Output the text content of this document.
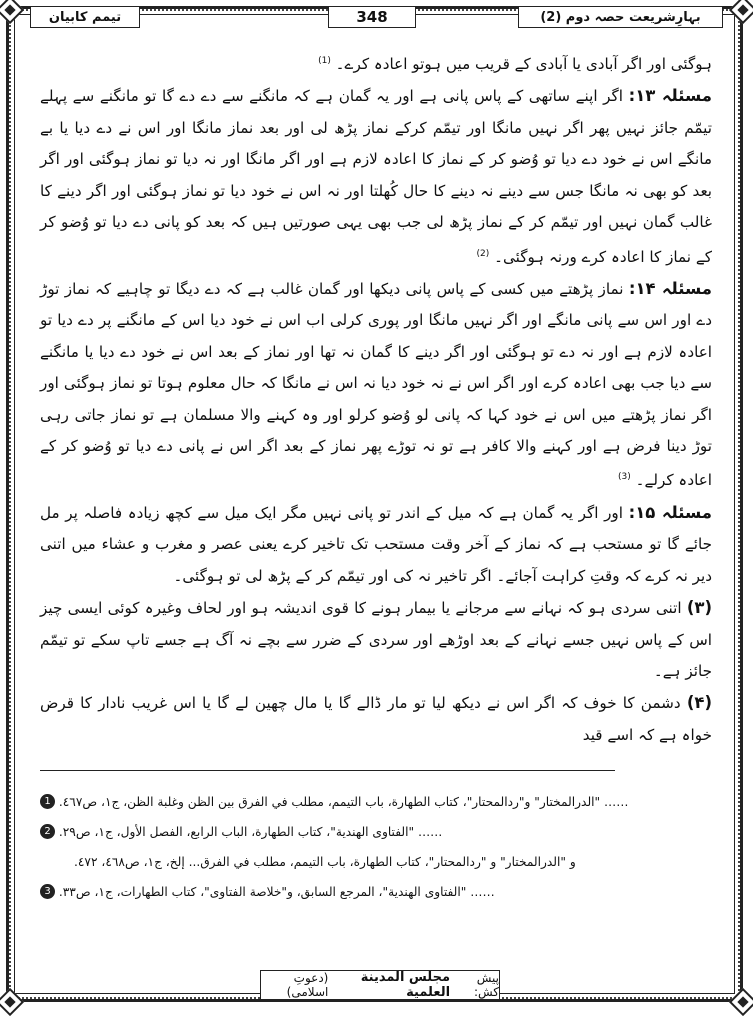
تیمم کابیان	348	بہارِشریعت حصہ دوم (2)

ہوگئی اور اگر آبادی یا آبادی کے قریب میں ہوتو اعادہ کرے۔ $^{(1)}$

مسئلہ ۱۳: اگر اپنے ساتھی کے پاس پانی ہے اور یہ گمان ہے کہ مانگنے سے دے دے گا تو مانگنے سے پہلے تیمّم جائز نہیں پھر اگر نہیں مانگا اور تیمّم کرکے نماز پڑھ لی اور بعد نماز مانگا اور اس نے دے دیا یا بے مانگے اس نے خود دے دیا تو وُضو کر کے نماز کا اعادہ لازم ہے اور اگر مانگا اور نہ دیا تو نماز ہوگئی اور اگر بعد کو بھی نہ مانگا جس سے دینے نہ دینے کا حال کُھلتا اور نہ اس نے خود دیا تو نماز ہوگئی اور اگر دینے کا غالب گمان نہیں اور تیمّم کر کے نماز پڑھ لی جب بھی یہی صورتیں ہیں کہ بعد کو پانی دے دیا تو وُضو کر کے نماز کا اعادہ کرے ورنہ ہوگئی۔ $^{(2)}$

مسئلہ ۱۴: نماز پڑھتے میں کسی کے پاس پانی دیکھا اور گمان غالب ہے کہ دے دیگا تو چاہیے کہ نماز توڑ دے اور اس سے پانی مانگے اور اگر نہیں مانگا اور پوری کرلی اب اس نے خود دیا اس کے مانگنے پر دے دیا تو اعادہ لازم ہے اور نہ دے تو ہوگئی اور اگر دینے کا گمان نہ تھا اور نماز کے بعد اس نے خود دے دیا یا مانگنے سے دیا جب بھی اعادہ کرے اور اگر اس نے نہ خود دیا نہ اس نے مانگا کہ حال معلوم ہوتا تو نماز ہوگئی اور اگر نماز پڑھتے میں اس نے خود کہا کہ پانی لو وُضو کرلو اور وہ کہنے والا مسلمان ہے تو نماز جاتی رہی توڑ دینا فرض ہے اور کہنے والا کافر ہے تو نہ توڑے پھر نماز کے بعد اگر اس نے پانی دے دیا تو وُضو کر کے اعادہ کرلے۔ $^{(3)}$

مسئلہ ۱۵: اور اگر یہ گمان ہے کہ میل کے اندر تو پانی نہیں مگر ایک میل سے کچھ زیادہ فاصلہ پر مل جائے گا تو مستحب ہے کہ نماز کے آخر وقت مستحب تک تاخیر کرے یعنی عصر و مغرب و عشاء میں اتنی دیر نہ کرے کہ وقتِ کراہت آجائے۔ اگر تاخیر نہ کی اور تیمّم کر کے پڑھ لی تو ہوگئی۔

(۳) اتنی سردی ہو کہ نہانے سے مرجانے یا بیمار ہونے کا قوی اندیشہ ہو اور لحاف وغیرہ کوئی ایسی چیز اس کے پاس نہیں جسے نہانے کے بعد اوڑھے اور سردی کے ضرر سے بچے نہ آگ ہے جسے تاپ سکے تو تیمّم جائز ہے۔

(۴) دشمن کا خوف کہ اگر اس نے دیکھ لیا تو مار ڈالے گا یا مال چھین لے گا یا اس غریب نادار کا قرض خواہ ہے کہ اسے قید

…… "الدرالمختار" و"ردالمحتار"، كتاب الطهارة، باب التيمم، مطلب في الفرق بين الظن وغلبة الظن، ج١، ص٤٦٧. 1
…… "الفتاوى الهندية"، كتاب الطهارة، الباب الرابع، الفصل الأول، ج١، ص٢٩. 2
و "الدرالمختار" و "ردالمحتار"، كتاب الطهارة، باب التيمم، مطلب في الفرق... إلخ، ج١، ص٤٦٨، ٤٧٢.
…… "الفتاوى الهندية"، المرجع السابق، و"خلاصة الفتاوى"، كتاب الطهارات، ج١، ص٣٣. 3
پیش کش:
مجلس المدينة العلمية
(دعوتِ اسلامی)
